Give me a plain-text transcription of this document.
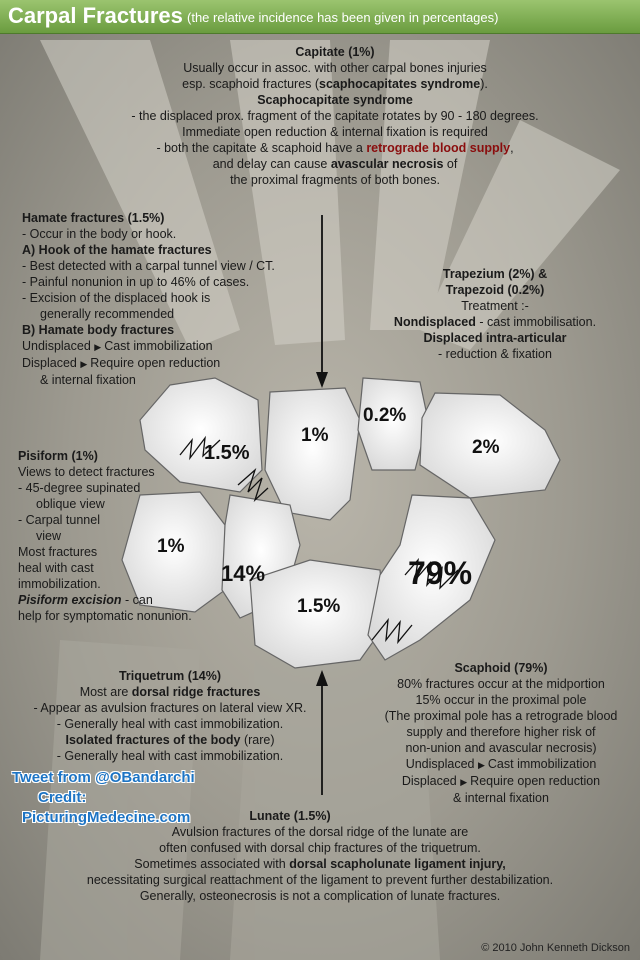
Carpal Fractures (the relative incidence has been given in percentages)
1.5%
1%
0.2%
2%
1%
14%
1.5%
79%
Capitate (1%)
Usually occur in assoc. with other carpal bones injuries
esp. scaphoid fractures (scaphocapitates syndrome).
Scaphocapitate syndrome
- the displaced prox. fragment of the capitate rotates by 90 - 180 degrees.
Immediate open reduction & internal fixation is required
- both the capitate & scaphoid have a retrograde blood supply,
and delay can cause avascular necrosis of
the proximal fragments of both bones.
Hamate fractures (1.5%)
- Occur in the body or hook.
A) Hook of the hamate fractures
- Best detected with a carpal tunnel view / CT.
- Painful nonunion in up to 46% of cases.
- Excision of the displaced hook is
generally recommended
B) Hamate body fractures
Undisplaced ▶ Cast immobilization
Displaced ▶ Require open reduction
& internal fixation
Trapezium (2%) &
Trapezoid (0.2%)
Treatment :-
Nondisplaced - cast immobilisation.
Displaced intra-articular
- reduction & fixation
Pisiform (1%)
Views to detect fractures
- 45-degree supinated
oblique view
- Carpal tunnel
view
Most fractures
heal with cast
immobilization.
Pisiform excision - can
help for symptomatic nonunion.
Triquetrum (14%)
Most are dorsal ridge fractures
- Appear as avulsion fractures on lateral view XR.
- Generally heal with cast immobilization.
Isolated fractures of the body (rare)
- Generally heal with cast immobilization.
Scaphoid (79%)
80% fractures occur at the midportion
15% occur in the proximal pole
(The proximal pole has a retrograde blood
supply and therefore higher risk of
non-union and avascular necrosis)
Undisplaced ▶ Cast immobilization
Displaced ▶ Require open reduction
& internal fixation
Lunate (1.5%)
Avulsion fractures of the dorsal ridge of the lunate are
often confused with dorsal chip fractures of the triquetrum.
Sometimes associated with dorsal scapholunate ligament injury,
necessitating surgical reattachment of the ligament to prevent further destabilization.
Generally, osteonecrosis is not a complication of lunate fractures.
Tweet from @OBandarchi
Credit:
PicturingMedecine.com
© 2010 John Kenneth Dickson
